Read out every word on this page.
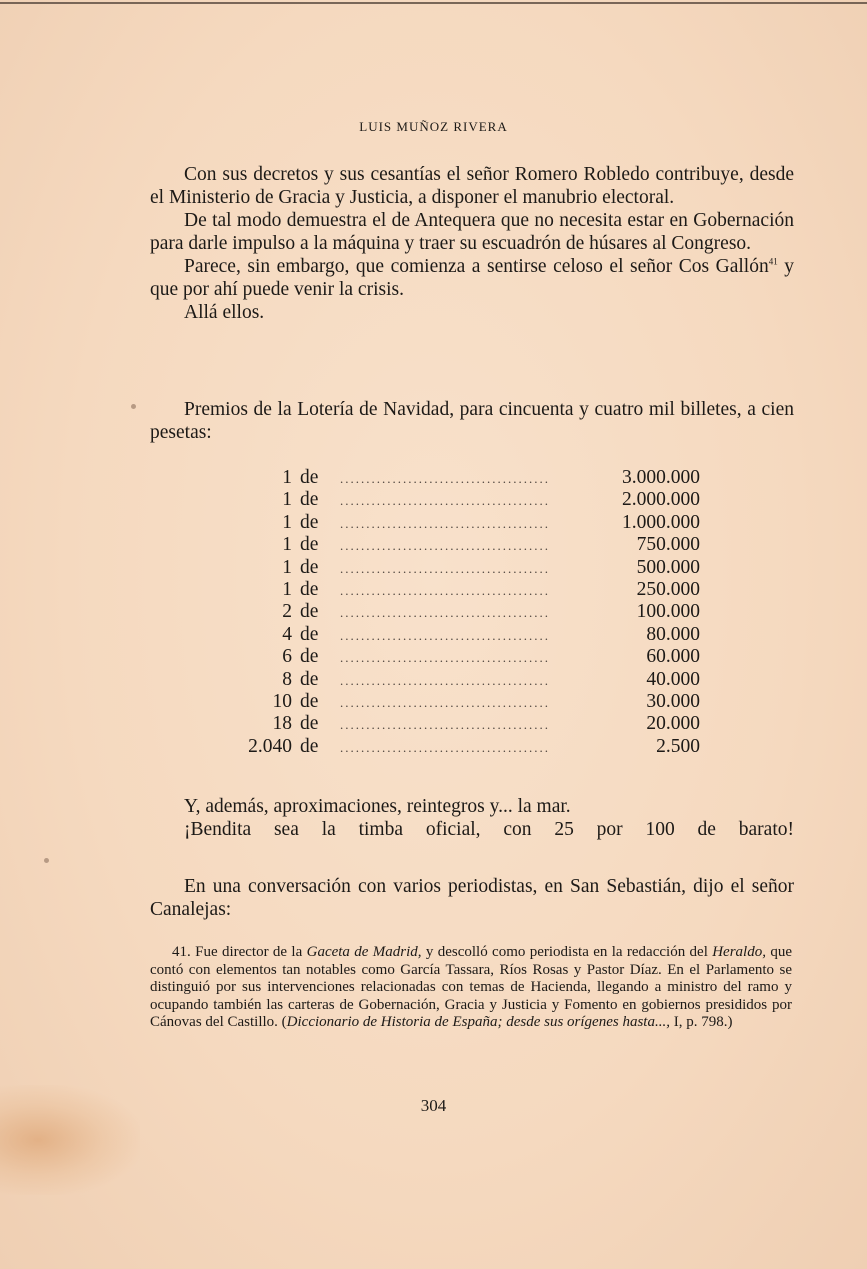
LUIS MUÑOZ RIVERA

Con sus decretos y sus cesantías el señor Romero Robledo contribuye, desde el Ministerio de Gracia y Justicia, a disponer el manubrio electoral.

De tal modo demuestra el de Antequera que no necesita estar en Gobernación para darle impulso a la máquina y traer su escuadrón de húsares al Congreso.

Parece, sin embargo, que comienza a sentirse celoso el señor Cos Gallón$^{41}$ y que por ahí puede venir la crisis.

Allá ellos.

Premios de la Lotería de Navidad, para cincuenta y cuatro mil billetes, a cien pesetas:

1 de ........................................	3.000.000
1 de ........................................	2.000.000
1 de ........................................	1.000.000
1 de ........................................	750.000
1 de ........................................	500.000
1 de ........................................	250.000
2 de ........................................	100.000
4 de ........................................	80.000
6 de ........................................	60.000
8 de ........................................	40.000
10 de ........................................	30.000
18 de ........................................	20.000
2.040 de ........................................	2.500

Y, además, aproximaciones, reintegros y... la mar.

¡Bendita sea la timba oficial, con 25 por 100 de barato!

En una conversación con varios periodistas, en San Sebastián, dijo el señor Canalejas:

41. Fue director de la Gaceta de Madrid, y descolló como periodista en la redacción del Heraldo, que contó con elementos tan notables como García Tassara, Ríos Rosas y Pastor Díaz. En el Parlamento se distinguió por sus intervenciones relacionadas con temas de Hacienda, llegando a ministro del ramo y ocupando también las carteras de Gobernación, Gracia y Justicia y Fomento en gobiernos presididos por Cánovas del Castillo. (Diccionario de Historia de España; desde sus orígenes hasta..., I, p. 798.)

304
